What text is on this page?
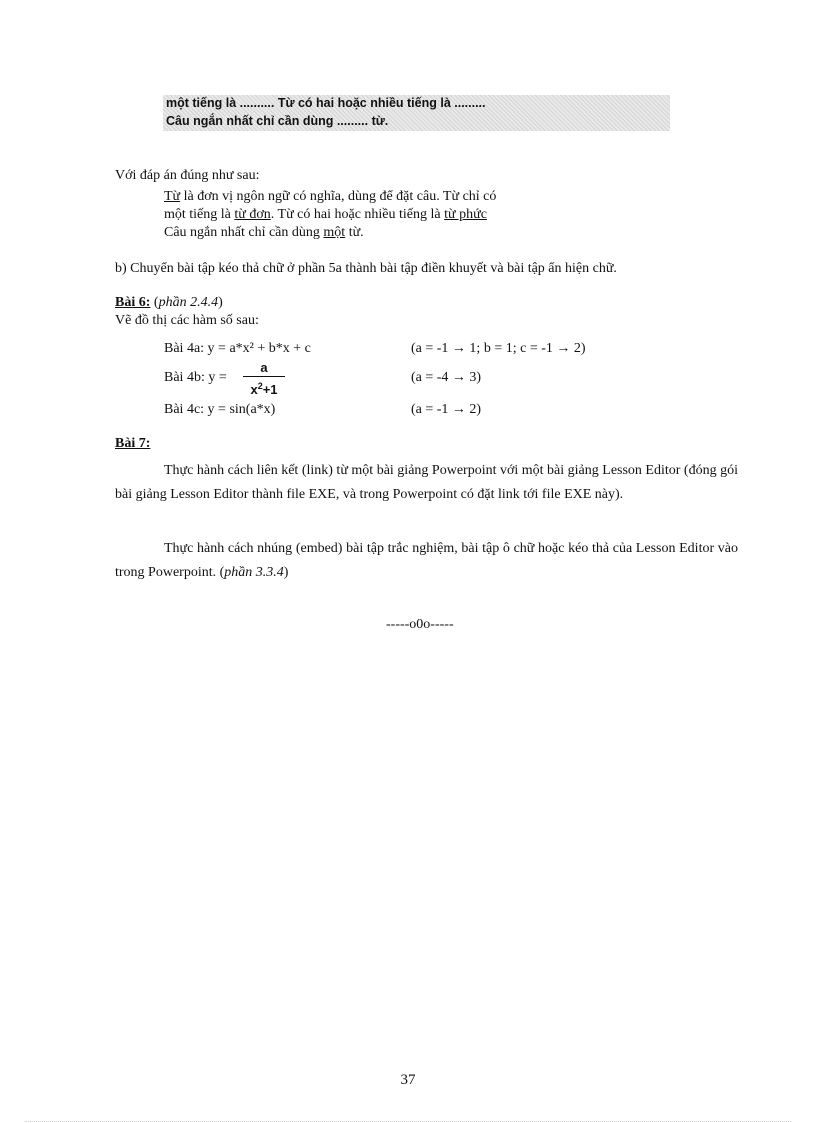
một tiếng là .......... Từ có hai hoặc nhiều tiếng là .........
Câu ngắn nhất chỉ cần dùng ......... từ.
Với đáp án đúng như sau:
Từ là đơn vị ngôn ngữ có nghĩa, dùng để đặt câu. Từ chỉ có
một tiếng là từ đơn. Từ có hai hoặc nhiều tiếng là từ phức
Câu ngắn nhất chỉ cần dùng một từ.
b) Chuyển bài tập kéo thả chữ ở phần 5a thành bài tập điền khuyết và bài tập ẩn hiện chữ.
Bài 6: (phần 2.4.4)
Vẽ đồ thị các hàm số sau:
Bài 4a: y = a*x² + b*x + c	(a = -1 → 1; b = 1; c = -1 → 2)
Bài 4b: y =
a
$x^2+1$
(a = -4 → 3)
Bài 4c: y = sin(a*x)	(a = -1 → 2)
Bài 7:
Thực hành cách liên kết (link) từ một bài giảng Powerpoint với một bài giảng Lesson Editor (đóng gói bài giảng Lesson Editor thành file EXE, và trong Powerpoint có đặt link tới file EXE này).
Thực hành cách nhúng (embed) bài tập trắc nghiệm, bài tập ô chữ hoặc kéo thả của Lesson Editor vào trong Powerpoint. (phần 3.3.4)
-----o0o-----
37
